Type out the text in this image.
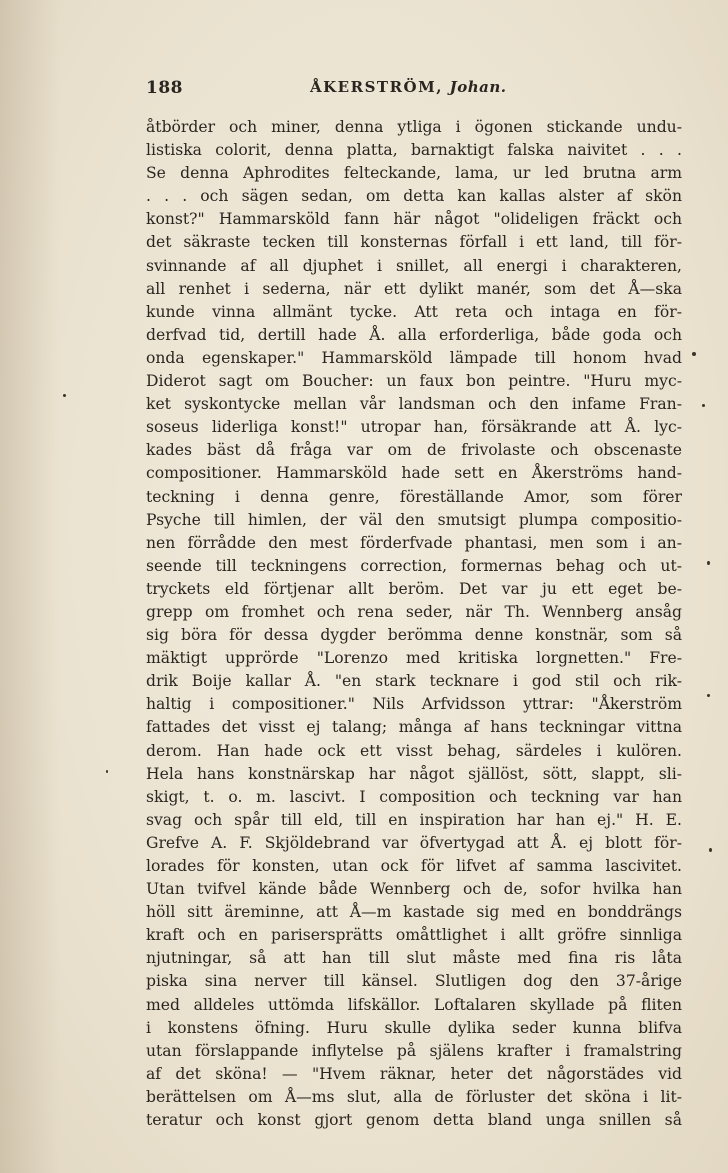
188	ÅKERSTRÖM, Johan.
åtbörder och miner, denna ytliga i ögonen stickande undu-
listiska colorit, denna platta, barnaktigt falska naivitet . . .
Se denna Aphrodites felteckande, lama, ur led brutna arm
. . . och sägen sedan, om detta kan kallas alster af skön
konst?" Hammarsköld fann här något "olideligen fräckt och
det säkraste tecken till konsternas förfall i ett land, till för-
svinnande af all djuphet i snillet, all energi i charakteren,
all renhet i sederna, när ett dylikt manér, som det Å—ska
kunde vinna allmänt tycke. Att reta och intaga en för-
derfvad tid, dertill hade Å. alla erforderliga, både goda och
onda egenskaper." Hammarsköld lämpade till honom hvad
Diderot sagt om Boucher: un faux bon peintre. "Huru myc-
ket syskontycke mellan vår landsman och den infame Fran-
soseus liderliga konst!" utropar han, försäkrande att Å. lyc-
kades bäst då fråga var om de frivolaste och obscenaste
compositioner. Hammarsköld hade sett en Åkerströms hand-
teckning i denna genre, föreställande Amor, som förer
Psyche till himlen, der väl den smutsigt plumpa compositio-
nen förrådde den mest förderfvade phantasi, men som i an-
seende till teckningens correction, formernas behag och ut-
tryckets eld förtjenar allt beröm. Det var ju ett eget be-
grepp om fromhet och rena seder, när Th. Wennberg ansåg
sig böra för dessa dygder berömma denne konstnär, som så
mäktigt upprörde "Lorenzo med kritiska lorgnetten." Fre-
drik Boije kallar Å. "en stark tecknare i god stil och rik-
haltig i compositioner." Nils Arfvidsson yttrar: "Åkerström
fattades det visst ej talang; många af hans teckningar vittna
derom. Han hade ock ett visst behag, särdeles i kulören.
Hela hans konstnärskap har något själlöst, sött, slappt, sli-
skigt, t. o. m. lascivt. I composition och teckning var han
svag och spår till eld, till en inspiration har han ej." H. E.
Grefve A. F. Skjöldebrand var öfvertygad att Å. ej blott för-
lorades för konsten, utan ock för lifvet af samma lascivitet.
Utan tvifvel kände både Wennberg och de, sofor hvilka han
höll sitt äreminne, att Å—m kastade sig med en bonddrängs
kraft och en parisersprätts omåttlighet i allt gröfre sinnliga
njutningar, så att han till slut måste med fina ris låta
piska sina nerver till känsel. Slutligen dog den 37-årige
med alldeles uttömda lifskällor. Loftalaren skyllade på fliten
i konstens öfning. Huru skulle dylika seder kunna blifva
utan förslappande inflytelse på själens krafter i framalstring
af det sköna! — "Hvem räknar, heter det någorstädes vid
berättelsen om Å—ms slut, alla de förluster det sköna i lit-
teratur och konst gjort genom detta bland unga snillen så
